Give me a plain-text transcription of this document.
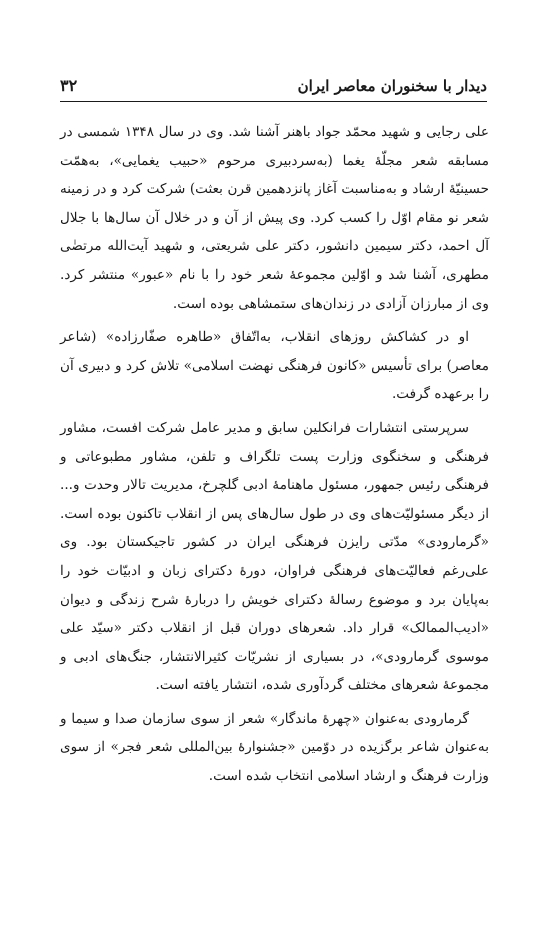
دیدار با سخنوران معاصر ایران
۳۲

علی رجایی و شهید محمّد جواد باهنر آشنا شد. وی در سال ۱۳۴۸ شمسی در مسابقه شعر مجلّهٔ یغما (به‌سردبیری مرحوم «حبیب یغمایی»، به‌همّت حسینیّهٔ ارشاد و به‌مناسبت آغاز پانزدهمین قرن بعثت) شرکت کرد و در زمینه شعر نو مقام اوّل را کسب کرد. وی پیش از آن و در خلال آن سال‌ها با جلال آل احمد، دکتر سیمین دانشور، دکتر علی شریعتی، و شهید آیت‌الله مرتضٰی مطهری، آشنا شد و اوّلین مجموعهٔ شعر خود را با نام «عبور» منتشر کرد. وی از مبارزان آزادی در زندان‌های ستمشاهی بوده است.

او در کشاکش روزهای انقلاب، به‌اتّفاق «طاهره صفّارزاده» (شاعر معاصر) برای تأسیس «کانون فرهنگی نهضت اسلامی» تلاش کرد و دبیری آن را برعهده گرفت.

سرپرستی انتشارات فرانکلین سابق و مدیر عامل شرکت افست، مشاور فرهنگی و سخنگوی وزارت پست تلگراف و تلفن، مشاور مطبوعاتی و فرهنگی رئیس جمهور، مسئول ماهنامهٔ ادبی گلچرخ، مدیریت تالار وحدت و... از دیگر مسئولیّت‌های وی در طول سال‌های پس از انقلاب تاکنون بوده است. «گرمارودی» مدّتی رایزن فرهنگی ایران در کشور تاجیکستان بود. وی علی‌رغم فعالیّت‌های فرهنگی فراوان، دورهٔ دکترای زبان و ادبیّات خود را به‌پایان برد و موضوع رسالهٔ دکترای خویش را دربارهٔ شرح زندگی و دیوان «ادیب‌الممالک» قرار داد. شعرهای دوران قبل از انقلاب دکتر «سیّد علی موسوی گرمارودی»، در بسیاری از نشریّات کثیرالانتشار، جنگ‌های ادبی و مجموعهٔ شعرهای مختلف گردآوری شده، انتشار یافته است.

گرمارودی به‌عنوان «چهرهٔ ماندگار» شعر از سوی سازمان صدا و سیما و به‌عنوان شاعر برگزیده در دوّمین «جشنوارهٔ بین‌المللی شعر فجر» از سوی وزارت فرهنگ و ارشاد اسلامی انتخاب شده است.
